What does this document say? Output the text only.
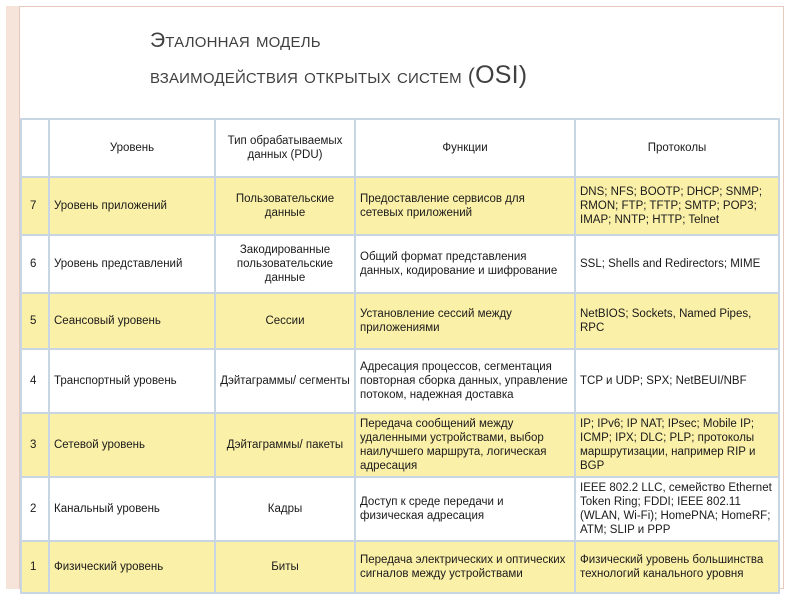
Эталонная модель
взаимодействия открытых систем (OSI)
	Уровень	Тип обрабатываемых данных (PDU)	Функции	Протоколы
7	Уровень приложений	Пользовательские данные	Предоставление сервисов для сетевых приложений	DNS; NFS; BOOTP; DHCP; SNMP; RMON; FTP; TFTP; SMTP; POP3; IMAP; NNTP; HTTP; Telnet
6	Уровень представлений	Закодированные пользовательские данные	Общий формат представления данных, кодирование и шифрование	SSL; Shells and Redirectors; MIME
5	Сеансовый уровень	Сессии	Установление сессий между приложениями	NetBIOS; Sockets, Named Pipes, RPC
4	Транспортный уровень	Дэйтаграммы/ сегменты	Адресация процессов, сегментация повторная сборка данных, управление потоком, надежная доставка	TCP и UDP; SPX; NetBEUI/NBF
3	Сетевой уровень	Дэйтаграммы/ пакеты	Передача сообщений между удаленными устройствами, выбор наилучшего маршрута, логическая адресация	IP; IPv6; IP NAT; IPsec; Mobile IP; ICMP; IPX; DLC; PLP; протоколы маршрутизации, например RIP и BGP
2	Канальный уровень	Кадры	Доступ к среде передачи и физическая адресация	IEEE 802.2 LLC, семейство Ethernet Token Ring; FDDI; IEEE 802.11 (WLAN, Wi-Fi); HomePNA; HomeRF; ATM; SLIP и PPP
1	Физический уровень	Биты	Передача электрических и оптических сигналов между устройствами	Физический уровень большинства технологий канального уровня
